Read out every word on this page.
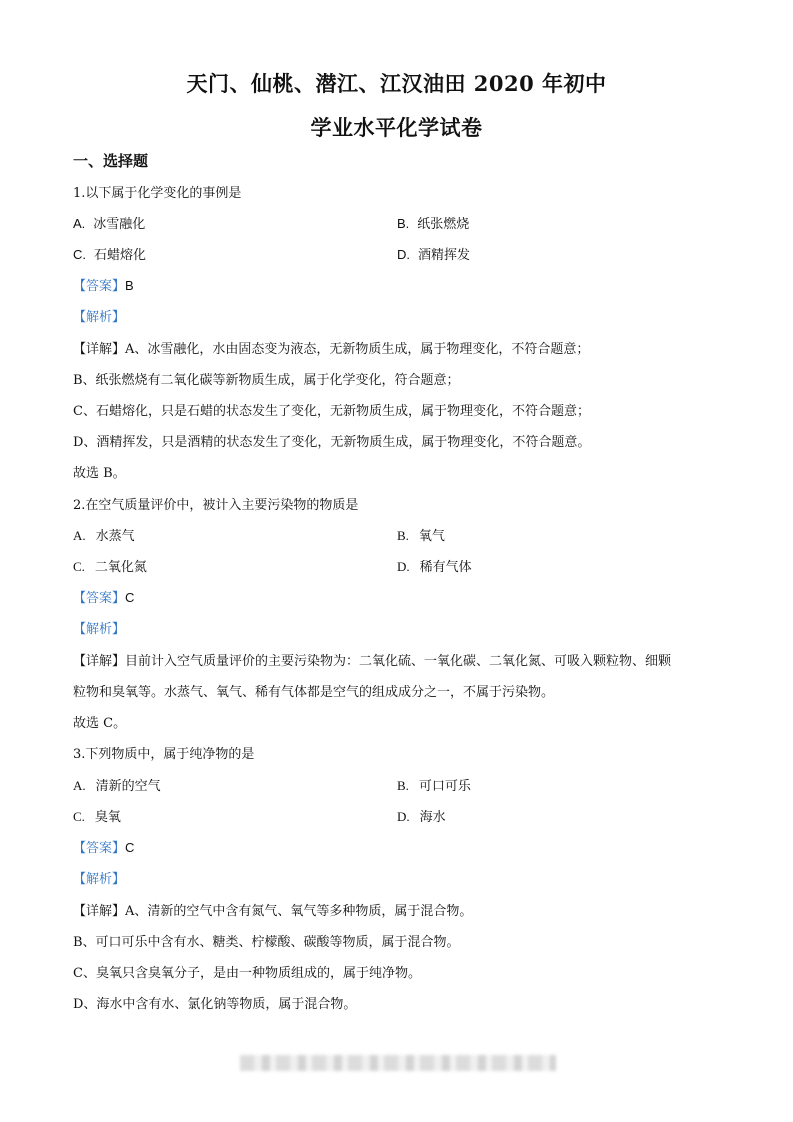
天门、仙桃、潜江、江汉油田 2020 年初中
学业水平化学试卷
一、选择题
1.以下属于化学变化的事例是
A. 冰雪融化	B. 纸张燃烧
C. 石蜡熔化	D. 酒精挥发
【答案】B
【解析】
【详解】A、冰雪融化，水由固态变为液态，无新物质生成，属于物理变化，不符合题意；
B、纸张燃烧有二氧化碳等新物质生成，属于化学变化，符合题意；
C、石蜡熔化，只是石蜡的状态发生了变化，无新物质生成，属于物理变化，不符合题意；
D、酒精挥发，只是酒精的状态发生了变化，无新物质生成，属于物理变化，不符合题意。
故选 B。
2.在空气质量评价中，被计入主要污染物的物质是
A. 水蒸气	B. 氧气
C. 二氧化氮	D. 稀有气体
【答案】C
【解析】
【详解】目前计入空气质量评价的主要污染物为：二氧化硫、一氧化碳、二氧化氮、可吸入颗粒物、细颗
粒物和臭氧等。水蒸气、氧气、稀有气体都是空气的组成成分之一，不属于污染物。
故选 C。
3.下列物质中，属于纯净物的是
A. 清新的空气	B. 可口可乐
C. 臭氧	D. 海水
【答案】C
【解析】
【详解】A、清新的空气中含有氮气、氧气等多种物质，属于混合物。
B、可口可乐中含有水、糖类、柠檬酸、碳酸等物质，属于混合物。
C、臭氧只含臭氧分子，是由一种物质组成的，属于纯净物。
D、海水中含有水、氯化钠等物质，属于混合物。
